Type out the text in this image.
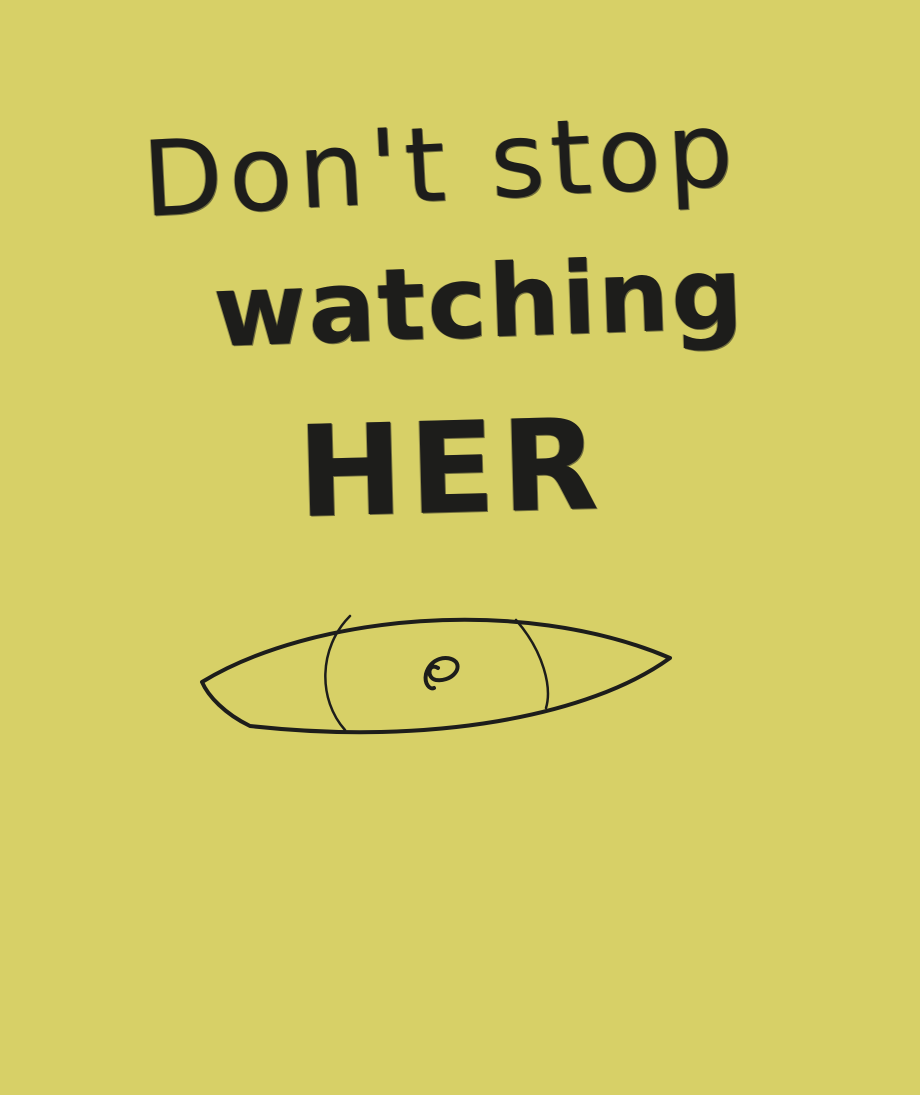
Don't stop

watching

HER
